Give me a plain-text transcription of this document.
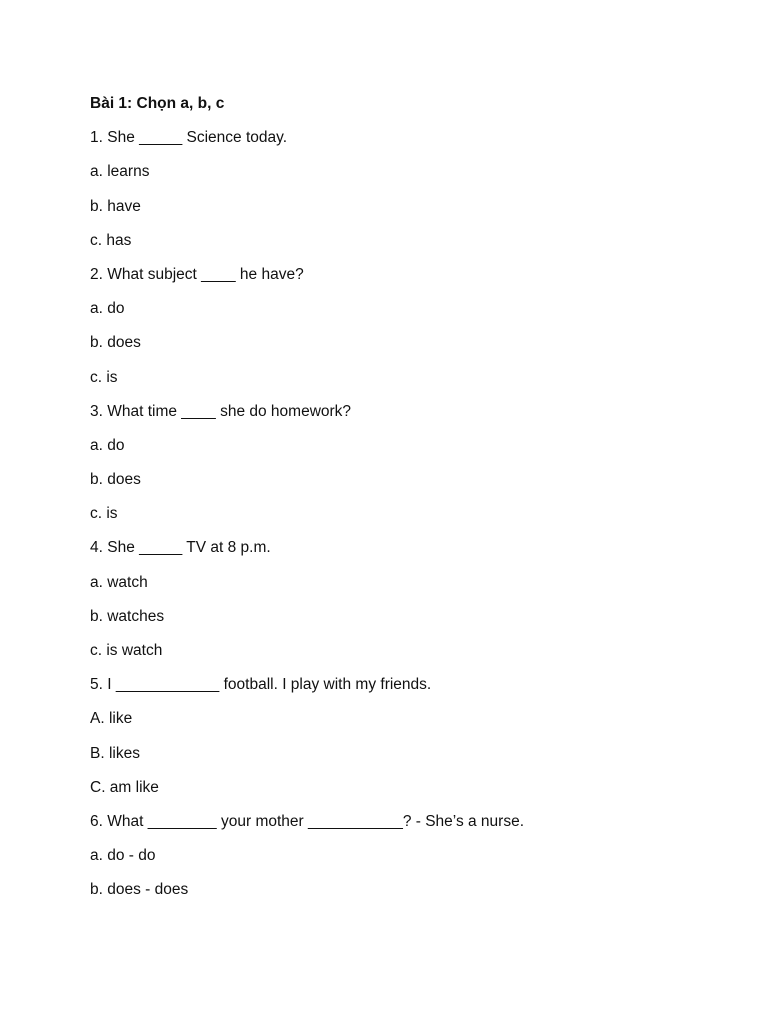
Bài 1: Chọn a, b, c
1. She _____ Science today.
a. learns
b. have
c. has
2. What subject ____ he have?
a. do
b. does
c. is
3. What time ____ she do homework?
a. do
b. does
c. is
4. She _____ TV at 8 p.m.
a. watch
b. watches
c. is watch
5. I ____________ football. I play with my friends.
A. like
B. likes
C. am like
6. What ________ your mother ___________? - She’s a nurse.
a. do - do
b. does - does
